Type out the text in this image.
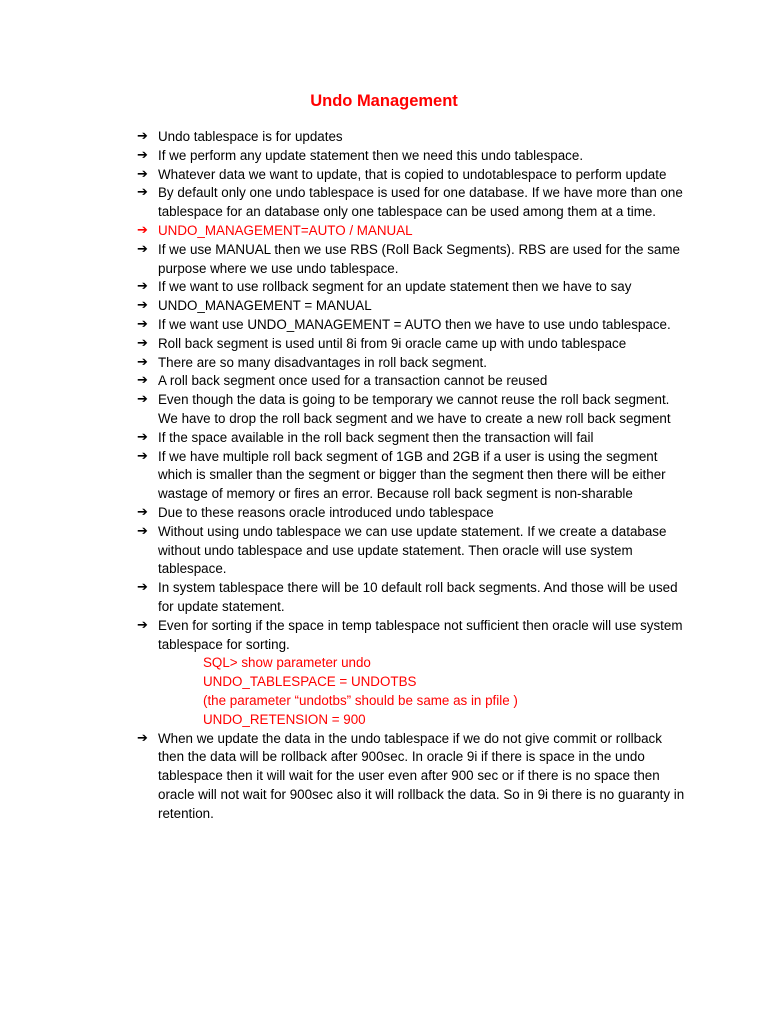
Undo Management
➔ Undo tablespace is for updates
➔ If we perform any update statement then we need this undo tablespace.
➔ Whatever data we want to update, that is copied to undotablespace to perform update
➔ By default only one undo tablespace is used for one database. If we have more than one tablespace for an database only one tablespace can be used among them at a time.
➔ UNDO_MANAGEMENT=AUTO / MANUAL
➔ If we use MANUAL then we use RBS (Roll Back Segments). RBS are used for the same purpose where we use undo tablespace.
➔ If we want to use rollback segment for an update statement then we have to say
➔ UNDO_MANAGEMENT = MANUAL
➔ If we want use UNDO_MANAGEMENT = AUTO then we have to use undo tablespace.
➔ Roll back segment is used until 8i from 9i oracle came up with undo tablespace
➔ There are so many disadvantages in roll back segment.
➔ A roll back segment once used for a transaction cannot be reused
➔ Even though the data is going to be temporary we cannot reuse the roll back segment. We have to drop the roll back segment and we have to create a new roll back segment
➔ If the space available in the roll back segment then the transaction will fail
➔ If we have multiple roll back segment of 1GB and 2GB if a user is using the segment which is smaller than the segment or bigger than the segment then there will be either wastage of memory or fires an error. Because roll back segment is non-sharable
➔ Due to these reasons oracle introduced undo tablespace
➔ Without using undo tablespace we can use update statement. If we create a database without undo tablespace and use update statement. Then oracle will use system tablespace.
➔ In system tablespace there will be 10 default roll back segments. And those will be used for update statement.
➔ Even for sorting if the space in temp tablespace not sufficient then oracle will use system tablespace for sorting.
SQL> show parameter undo
UNDO_TABLESPACE = UNDOTBS
(the parameter “undotbs” should be same as in pfile )
UNDO_RETENSION = 900
➔ When we update the data in the undo tablespace if we do not give commit or rollback then the data will be rollback after 900sec. In oracle 9i if there is space in the undo tablespace then it will wait for the user even after 900 sec or if there is no space then oracle will not wait for 900sec also it will rollback the data. So in 9i there is no guaranty in retention.
